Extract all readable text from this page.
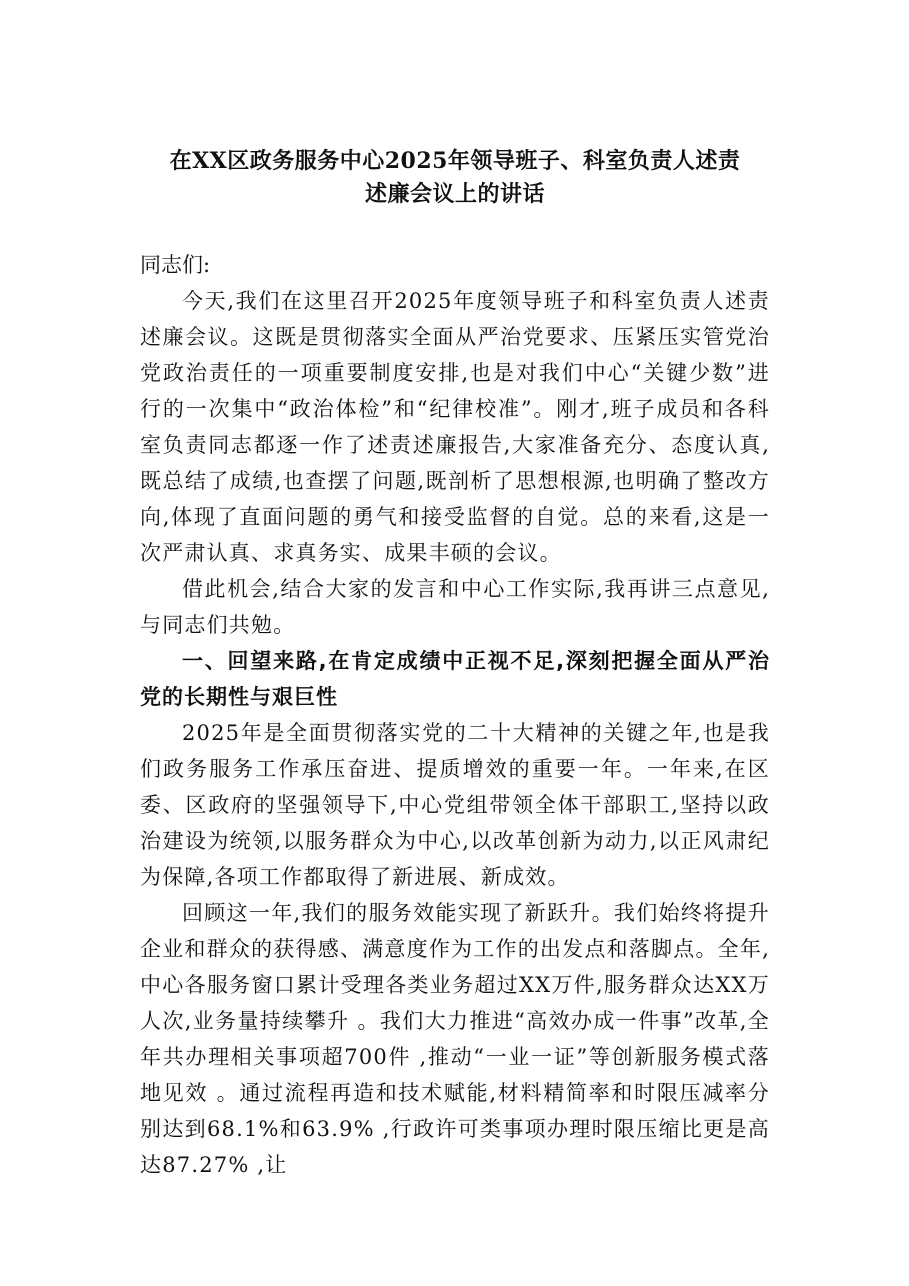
在XX区政务服务中心2025年领导班子、科室负责人述责
述廉会议上的讲话

同志们:

今天,我们在这里召开2025年度领导班子和科室负责人述责述廉会议。这既是贯彻落实全面从严治党要求、压紧压实管党治党政治责任的一项重要制度安排,也是对我们中心“关键少数”进行的一次集中“政治体检”和“纪律校准”。刚才,班子成员和各科室负责同志都逐一作了述责述廉报告,大家准备充分、态度认真,既总结了成绩,也查摆了问题,既剖析了思想根源,也明确了整改方向,体现了直面问题的勇气和接受监督的自觉。总的来看,这是一次严肃认真、求真务实、成果丰硕的会议。

借此机会,结合大家的发言和中心工作实际,我再讲三点意见,与同志们共勉。

一、回望来路,在肯定成绩中正视不足,深刻把握全面从严治党的长期性与艰巨性

2025年是全面贯彻落实党的二十大精神的关键之年,也是我们政务服务工作承压奋进、提质增效的重要一年。一年来,在区委、区政府的坚强领导下,中心党组带领全体干部职工,坚持以政治建设为统领,以服务群众为中心,以改革创新为动力,以正风肃纪为保障,各项工作都取得了新进展、新成效。

回顾这一年,我们的服务效能实现了新跃升。我们始终将提升企业和群众的获得感、满意度作为工作的出发点和落脚点。全年,中心各服务窗口累计受理各类业务超过XX万件,服务群众达XX万人次,业务量持续攀升 。我们大力推进“高效办成一件事”改革,全年共办理相关事项超700件 ,推动“一业一证”等创新服务模式落地见效 。通过流程再造和技术赋能,材料精简率和时限压减率分别达到68.1%和63.9% ,行政许可类事项办理时限压缩比更是高达87.27% ,让
